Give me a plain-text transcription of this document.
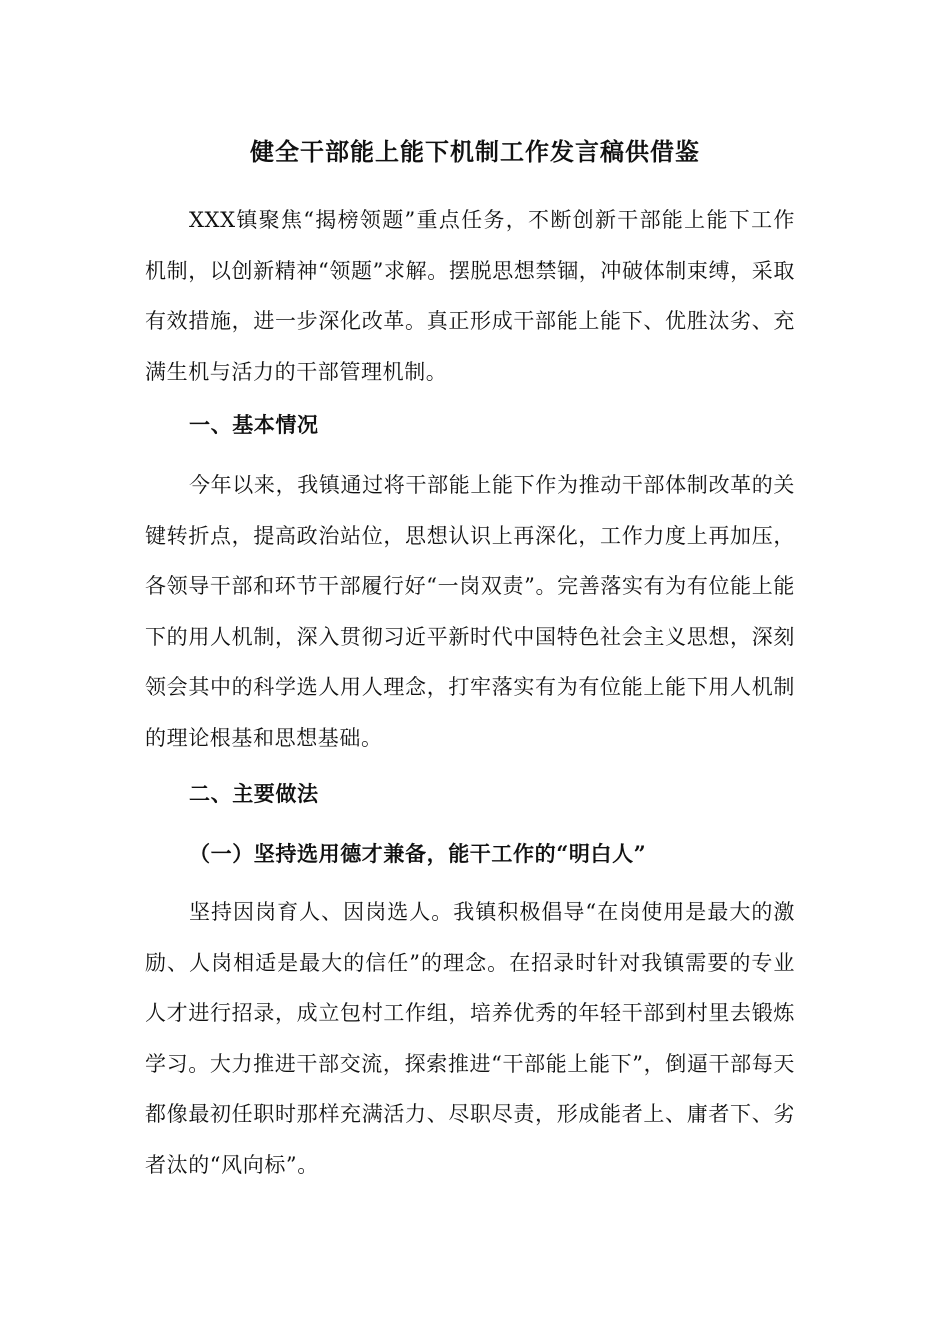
健全干部能上能下机制工作发言稿供借鉴

XXX镇聚焦“揭榜领题”重点任务，不断创新干部能上能下工作机制，以创新精神“领题”求解。摆脱思想禁锢，冲破体制束缚，采取有效措施，进一步深化改革。真正形成干部能上能下、优胜汰劣、充满生机与活力的干部管理机制。

一、基本情况

今年以来，我镇通过将干部能上能下作为推动干部体制改革的关键转折点，提高政治站位，思想认识上再深化，工作力度上再加压，各领导干部和环节干部履行好“一岗双责”。完善落实有为有位能上能下的用人机制，深入贯彻习近平新时代中国特色社会主义思想，深刻领会其中的科学选人用人理念，打牢落实有为有位能上能下用人机制的理论根基和思想基础。

二、主要做法
（一）坚持选用德才兼备，能干工作的“明白人”

坚持因岗育人、因岗选人。我镇积极倡导“在岗使用是最大的激励、人岗相适是最大的信任”的理念。在招录时针对我镇需要的专业人才进行招录，成立包村工作组，培养优秀的年轻干部到村里去锻炼学习。大力推进干部交流，探索推进“干部能上能下”，倒逼干部每天都像最初任职时那样充满活力、尽职尽责，形成能者上、庸者下、劣者汰的“风向标”。
